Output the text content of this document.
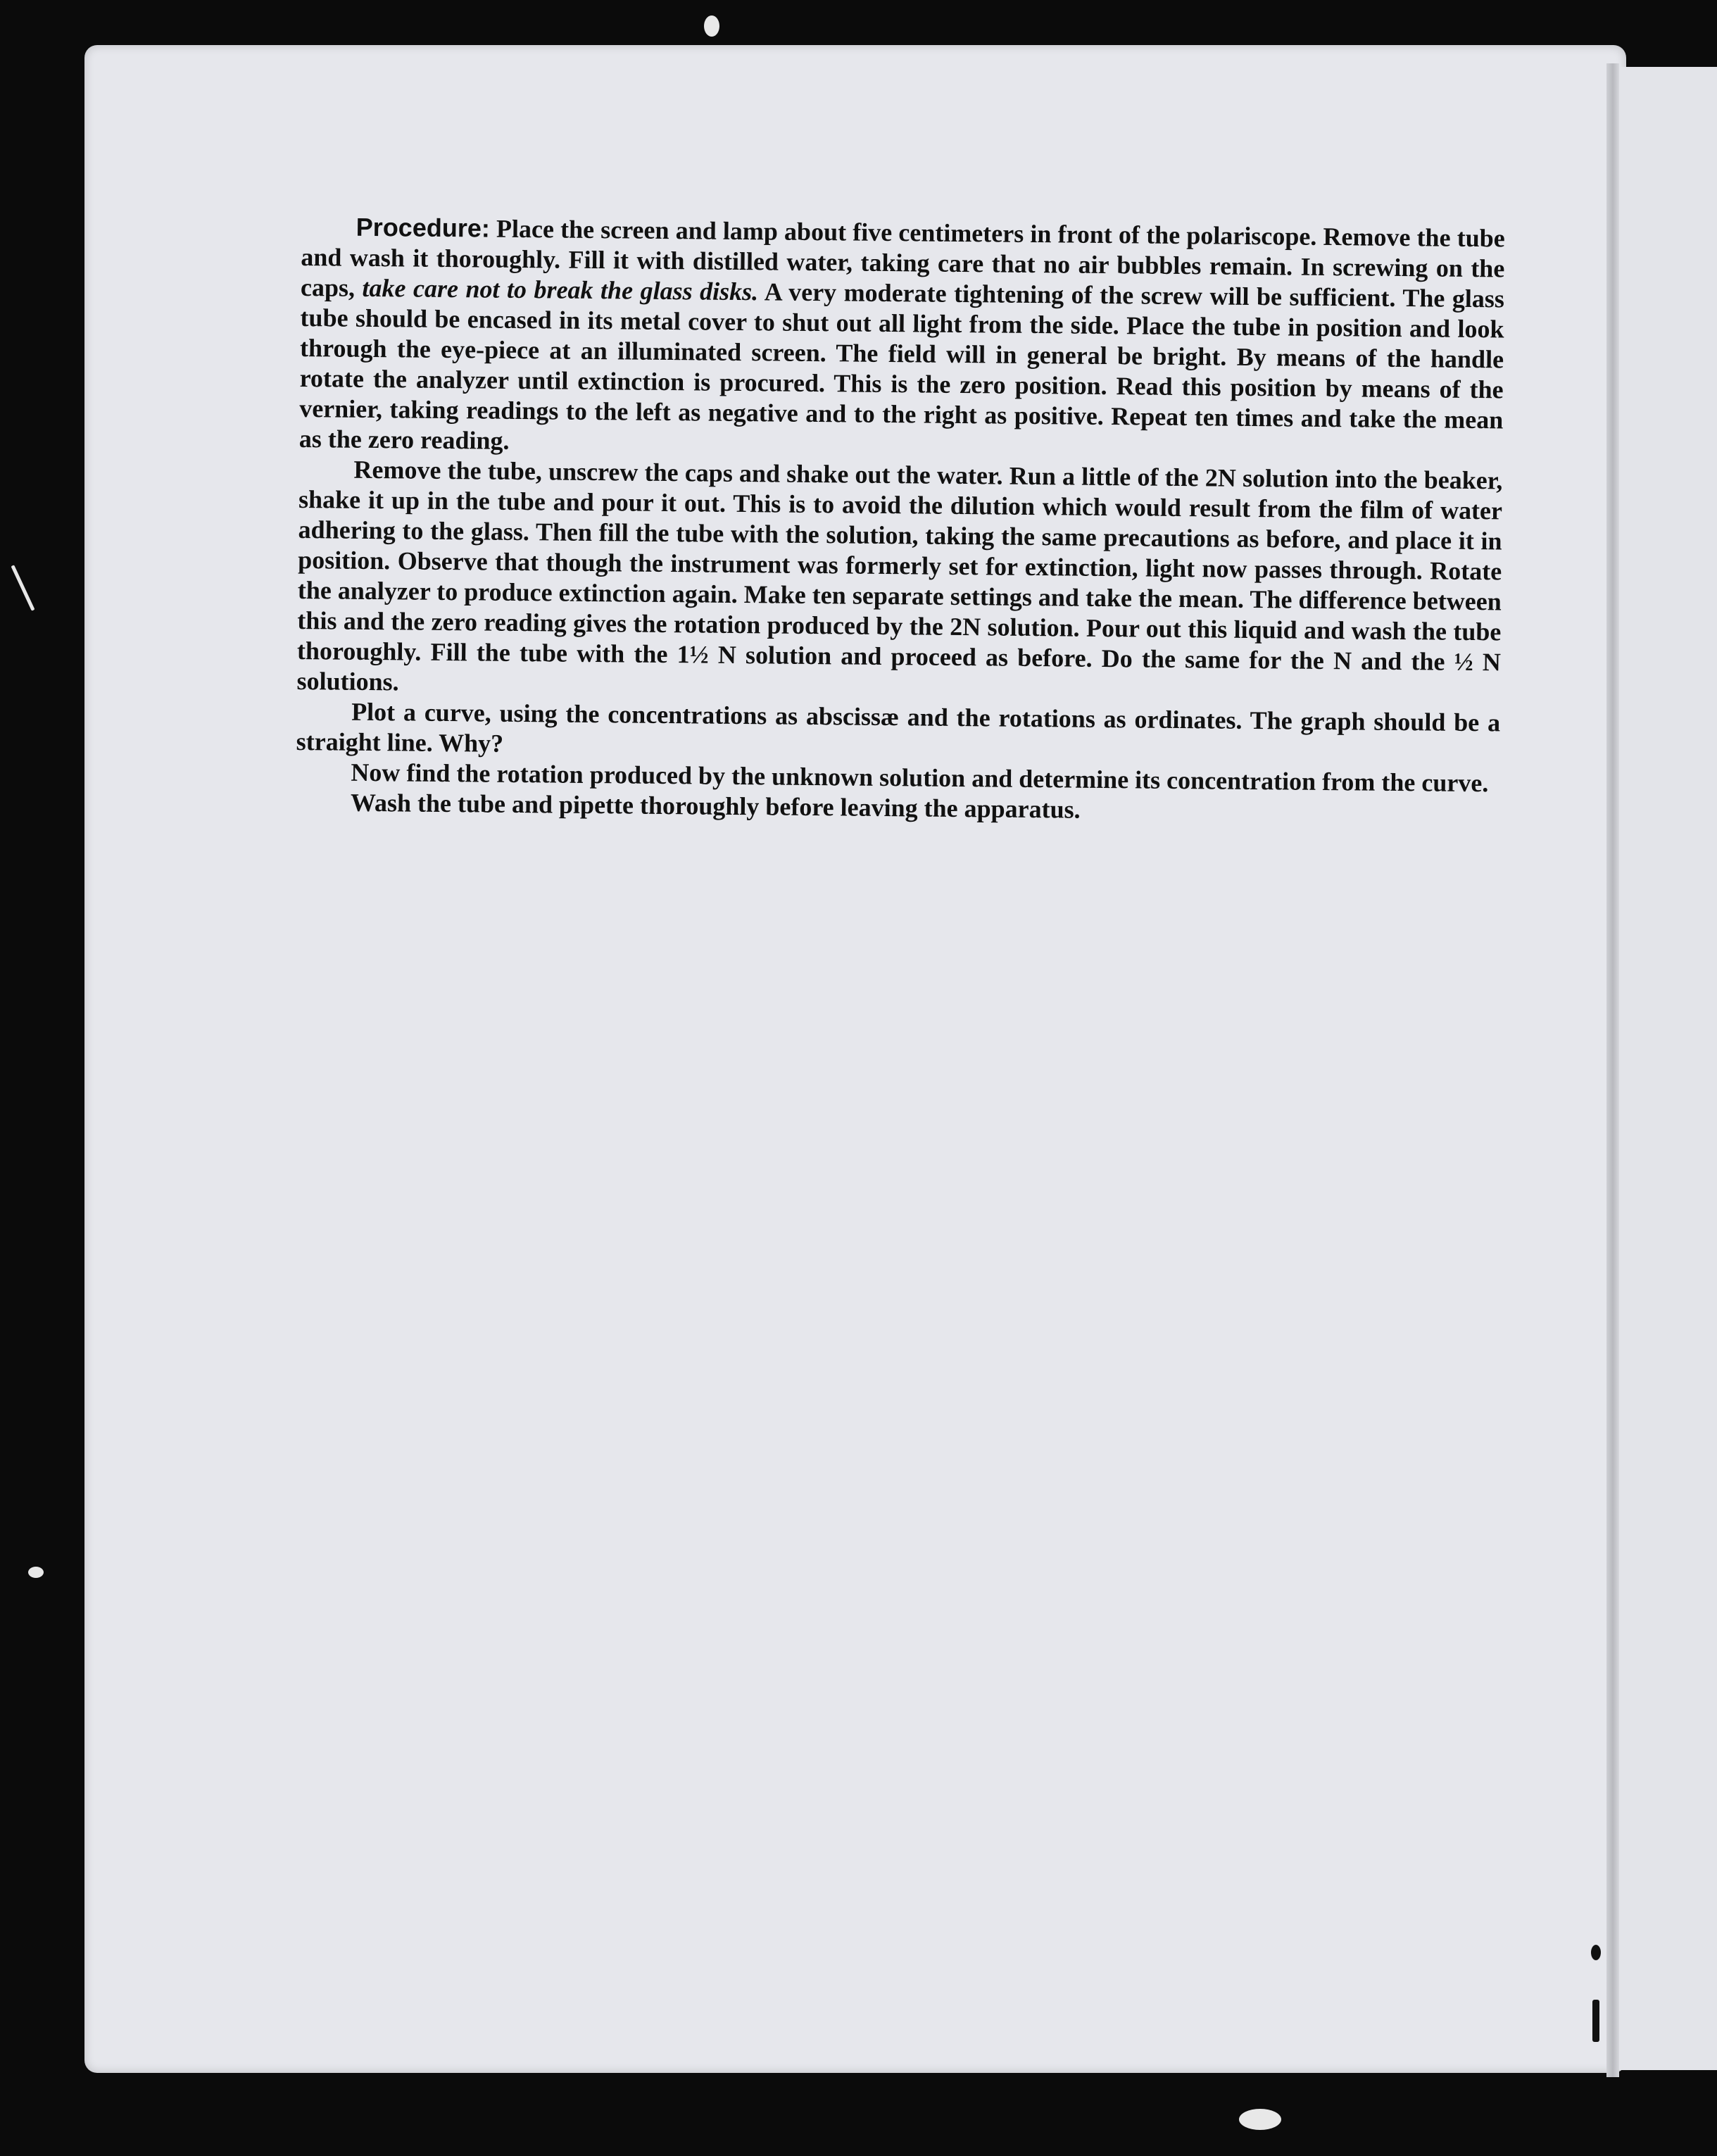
Procedure: Place the screen and lamp about five centimeters in front of the polariscope. Remove the tube and wash it thoroughly. Fill it with distilled water, taking care that no air bubbles remain. In screwing on the caps, take care not to break the glass disks. A very moderate tightening of the screw will be sufficient. The glass tube should be encased in its metal cover to shut out all light from the side. Place the tube in position and look through the eye-piece at an illuminated screen. The field will in general be bright. By means of the handle rotate the analyzer until extinction is procured. This is the zero position. Read this position by means of the vernier, taking readings to the left as negative and to the right as positive. Repeat ten times and take the mean as the zero reading.

Remove the tube, unscrew the caps and shake out the water. Run a little of the 2N solution into the beaker, shake it up in the tube and pour it out. This is to avoid the dilution which would result from the film of water adhering to the glass. Then fill the tube with the solution, taking the same precautions as before, and place it in position. Observe that though the instrument was formerly set for extinction, light now passes through. Rotate the analyzer to produce extinction again. Make ten separate settings and take the mean. The difference between this and the zero reading gives the rotation produced by the 2N solution. Pour out this liquid and wash the tube thoroughly. Fill the tube with the 1½ N solution and proceed as before. Do the same for the N and the ½ N solutions.

Plot a curve, using the concentrations as abscissæ and the rotations as ordinates. The graph should be a straight line. Why?

Now find the rotation produced by the unknown solution and determine its concentration from the curve.

Wash the tube and pipette thoroughly before leaving the apparatus.
